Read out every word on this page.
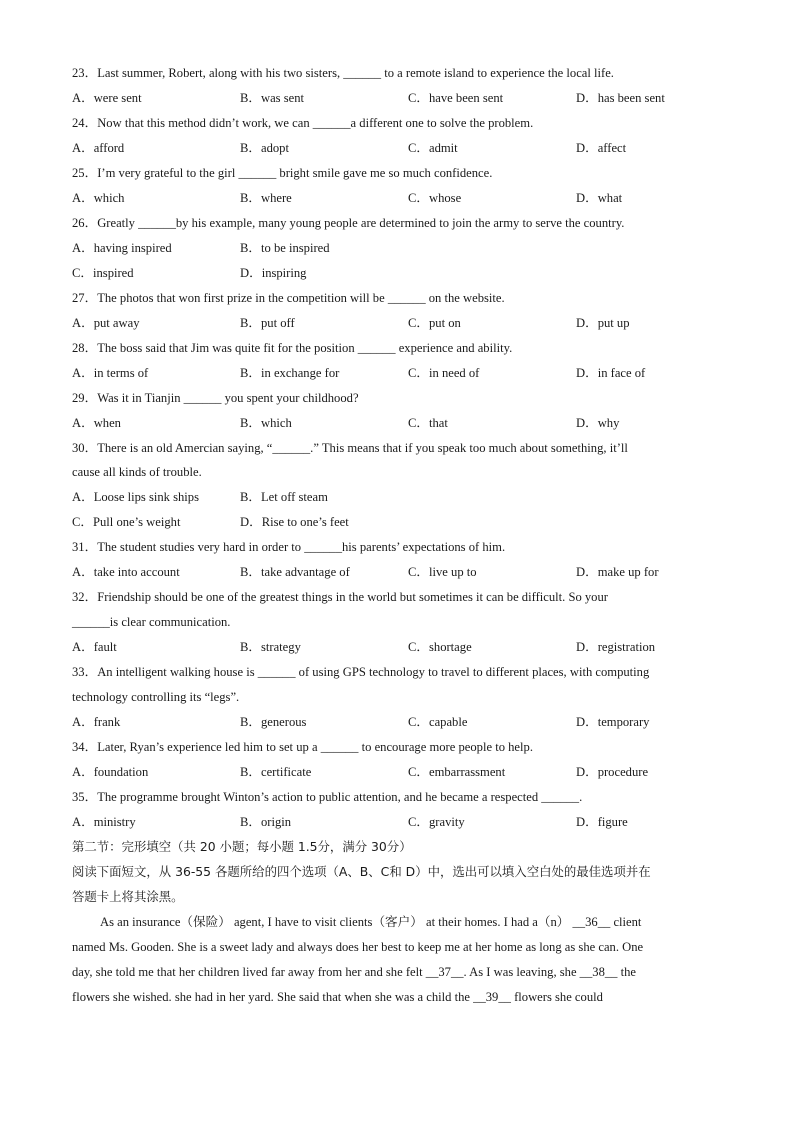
23．Last summer, Robert, along with his two sisters, ______ to a remote island to experience the local life.
A．were sent	B．was sent	C．have been sent	D．has been sent
24．Now that this method didn’t work, we can ______a different one to solve the problem.
A．afford	B．adopt	C．admit	D．affect
25．I’m very grateful to the girl ______ bright smile gave me so much confidence.
A．which	B．where	C．whose	D．what
26．Greatly ______by his example, many young people are determined to join the army to serve the country.
A．having inspired	B．to be inspired
C．inspired	D．inspiring
27．The photos that won first prize in the competition will be ______ on the website.
A．put away	B．put off	C．put on	D．put up
28．The boss said that Jim was quite fit for the position ______ experience and ability.
A．in terms of	B．in exchange for	C．in need of	D．in face of
29．Was it in Tianjin ______ you spent your childhood?
A．when	B．which	C．that	D．why
30．There is an old Amercian saying, “______.” This means that if you speak too much about something, it’ll
cause all kinds of trouble.
A．Loose lips sink ships	B．Let off steam
C．Pull one’s weight	D．Rise to one’s feet
31．The student studies very hard in order to ______his parents’ expectations of him.
A．take into account	B．take advantage of	C．live up to	D．make up for
32．Friendship should be one of the greatest things in the world but sometimes it can be difficult. So your
______is clear communication.
A．fault	B．strategy	C．shortage	D．registration
33．An intelligent walking house is ______ of using GPS technology to travel to different places, with computing
technology controlling its “legs”.
A．frank	B．generous	C．capable	D．temporary
34．Later, Ryan’s experience led him to set up a ______ to encourage more people to help.
A．foundation	B．certificate	C．embarrassment	D．procedure
35．The programme brought Winton’s action to public attention, and he became a respected ______.
A．ministry	B．origin	C．gravity	D．figure
第二节：完形填空（共 20 小题；每小题 1.5分，满分 30分）
阅读下面短文，从 36-55 各题所给的四个选项（A、B、C和 D）中，选出可以填入空白处的最佳选项并在
答题卡上将其涂黑。
As an insurance（保险） agent, I have to visit clients（客户） at their homes. I had a（n） __36__ client
named Ms. Gooden. She is a sweet lady and always does her best to keep me at her home as long as she can. One
day, she told me that her children lived far away from her and she felt __37__. As I was leaving, she __38__ the
flowers she wished. she had in her yard. She said that when she was a child the __39__ flowers she could
